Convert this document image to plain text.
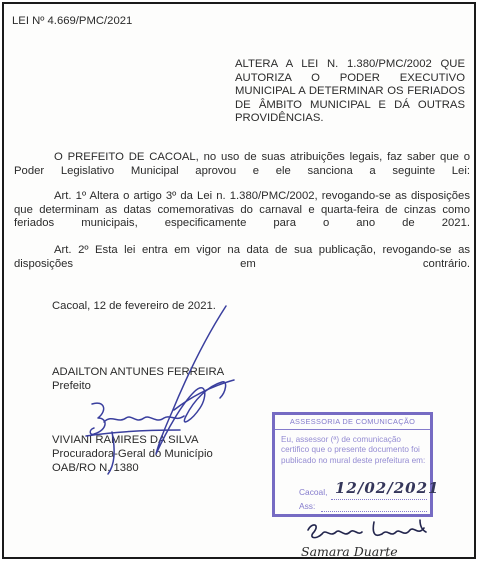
LEI Nº 4.669/PMC/2021
ALTERA A LEI N. 1.380/PMC/2002 QUE AUTORIZA O PODER EXECUTIVO MUNICIPAL A DETERMINAR OS FERIADOS DE ÂMBITO MUNICIPAL E DÁ OUTRAS PROVIDÊNCIAS.
O PREFEITO DE CACOAL, no uso de suas atribuições legais, faz saber que o Poder Legislativo Municipal aprovou e ele sanciona a seguinte Lei:
Art. 1º Altera o artigo 3º da Lei n. 1.380/PMC/2002, revogando-se as disposições que determinam as datas comemorativas do carnaval e quarta-feira de cinzas como feriados municipais, especificamente para o ano de 2021.
Art. 2º Esta lei entra em vigor na data de sua publicação, revogando-se as disposições em contrário.
Cacoal, 12 de fevereiro de 2021.
ADAILTON ANTUNES FERREIRA
Prefeito
VIVIANI RAMIRES DA SILVA
Procuradora-Geral do Município
OAB/RO N. 1380
ASSESSORIA DE COMUNICAÇÃO
Eu, assessor (ª) de comunicação certifico que o presente documento foi publicado no mural deste prefeitura em:
Cacoal,
Ass:
12/02/2021
Samara Duarte
